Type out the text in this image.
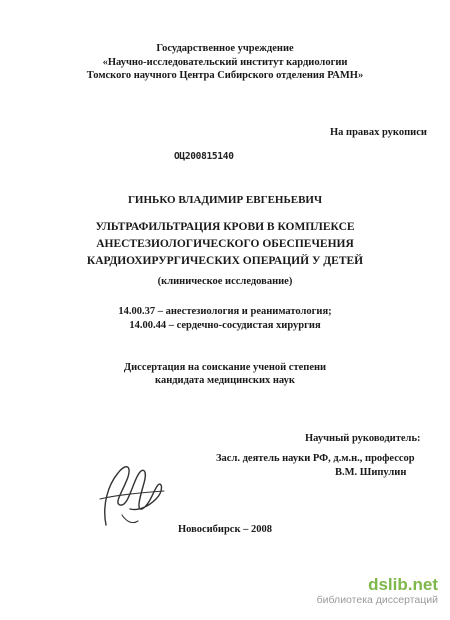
Государственное учреждение
«Научно-исследовательский институт кардиологии
Томского научного Центра Сибирского отделения РАМН»
На правах рукописи
ОЦ200815140
ГИНЬКО ВЛАДИМИР ЕВГЕНЬЕВИЧ
УЛЬТРАФИЛЬТРАЦИЯ КРОВИ В КОМПЛЕКСЕ
АНЕСТЕЗИОЛОГИЧЕСКОГО ОБЕСПЕЧЕНИЯ
КАРДИОХИРУРГИЧЕСКИХ ОПЕРАЦИЙ У ДЕТЕЙ
(клиническое исследование)
14.00.37 – анестезиология и реаниматология;
14.00.44 – сердечно-сосудистая хирургия
Диссертация на соискание ученой степени
кандидата медицинских наук
Научный руководитель:
Засл. деятель науки РФ, д.м.н., профессор
В.М. Шипулин
Новосибирск – 2008
dslib.net
библиотека диссертаций
